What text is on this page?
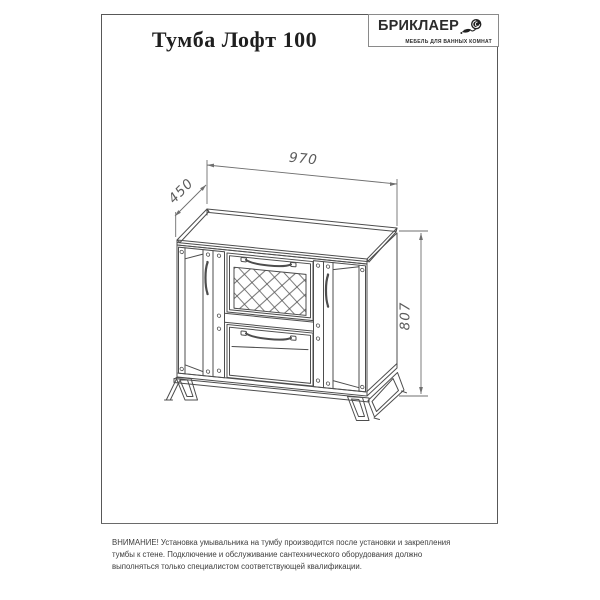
Тумба Лофт 100
БРИКЛАЕР
МЕБЕЛЬ ДЛЯ ВАННЫХ КОМНАТ
970
450
807
ВНИМАНИЕ! Установка умывальника на тумбу производится после установки и закрепления
тумбы к стене. Подключение и обслуживание сантехнического оборудования должно
выполняться только специалистом соответствующей квалификации.
